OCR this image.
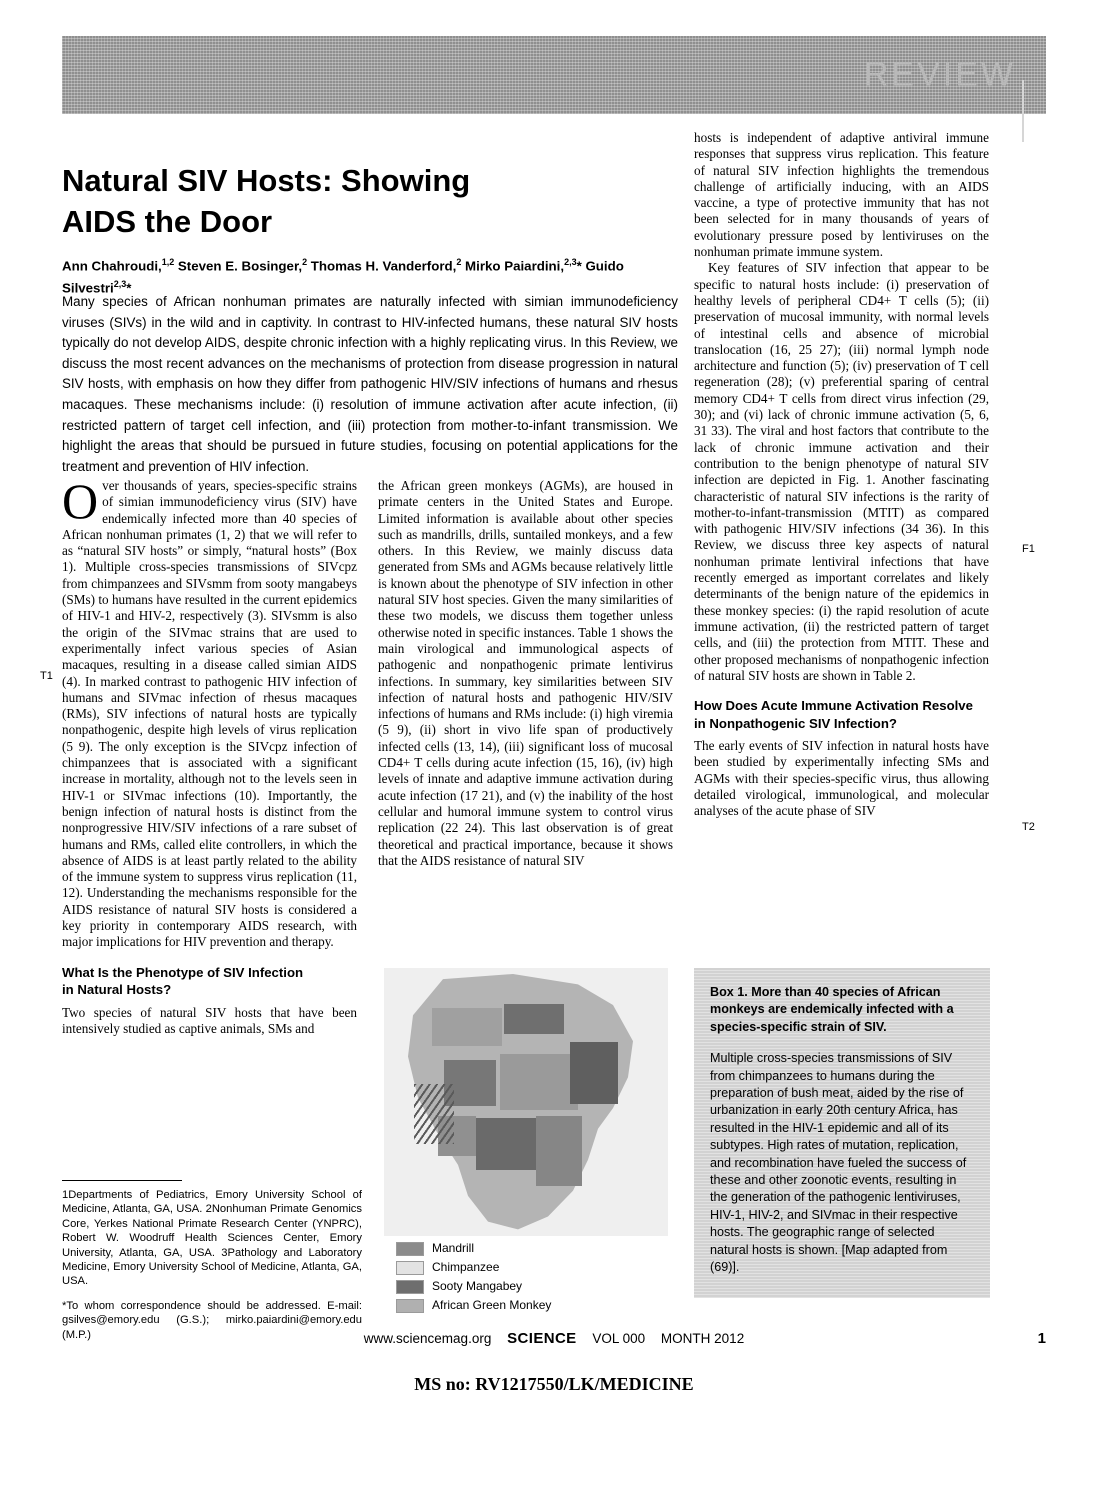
REVIEW
Natural SIV Hosts: Showing
AIDS the Door
Ann Chahroudi,$^{1,2}$ Steven E. Bosinger,$^2$ Thomas H. Vanderford,$^2$ Mirko Paiardini,$^{2,3}$* Guido Silvestri$^{2,3}$*
Many species of African nonhuman primates are naturally infected with simian immunodeficiency viruses (SIVs) in the wild and in captivity. In contrast to HIV-infected humans, these natural SIV hosts typically do not develop AIDS, despite chronic infection with a highly replicating virus. In this Review, we discuss the most recent advances on the mechanisms of protection from disease progression in natural SIV hosts, with emphasis on how they differ from pathogenic HIV/SIV infections of humans and rhesus macaques. These mechanisms include: (i) resolution of immune activation after acute infection, (ii) restricted pattern of target cell infection, and (iii) protection from mother-to-infant transmission. We highlight the areas that should be pursued in future studies, focusing on potential applications for the treatment and prevention of HIV infection.
T1
F1
T2

Over thousands of years, species-specific strains of simian immunodeficiency virus (SIV) have endemically infected more than 40 species of African nonhuman primates (1, 2) that we will refer to as “natural SIV hosts” or simply, “natural hosts” (Box 1). Multiple cross-species transmissions of SIVcpz from chimpanzees and SIVsmm from sooty mangabeys (SMs) to humans have resulted in the current epidemics of HIV-1 and HIV-2, respectively (3). SIVsmm is also the origin of the SIVmac strains that are used to experimentally infect various species of Asian macaques, resulting in a disease called simian AIDS (4). In marked contrast to pathogenic HIV infection of humans and SIVmac infection of rhesus macaques (RMs), SIV infections of natural hosts are typically nonpathogenic, despite high levels of virus replication (5 9). The only exception is the SIVcpz infection of chimpanzees that is associated with a significant increase in mortality, although not to the levels seen in HIV-1 or SIVmac infections (10). Importantly, the benign infection of natural hosts is distinct from the nonprogressive HIV/SIV infections of a rare subset of humans and RMs, called elite controllers, in which the absence of AIDS is at least partly related to the ability of the immune system to suppress virus replication (11, 12). Understanding the mechanisms responsible for the AIDS resistance of natural SIV hosts is considered a key priority in contemporary AIDS research, with major implications for HIV prevention and therapy.

What Is the Phenotype of SIV Infection
in Natural Hosts?

Two species of natural SIV hosts that have been intensively studied as captive animals, SMs and

the African green monkeys (AGMs), are housed in primate centers in the United States and Europe. Limited information is available about other species such as mandrills, drills, suntailed monkeys, and a few others. In this Review, we mainly discuss data generated from SMs and AGMs because relatively little is known about the phenotype of SIV infection in other natural SIV host species. Given the many similarities of these two models, we discuss them together unless otherwise noted in specific instances. Table 1 shows the main virological and immunological aspects of pathogenic and nonpathogenic primate lentivirus infections. In summary, key similarities between SIV infection of natural hosts and pathogenic HIV/SIV infections of humans and RMs include: (i) high viremia (5 9), (ii) short in vivo life span of productively infected cells (13, 14), (iii) significant loss of mucosal CD4+ T cells during acute infection (15, 16), (iv) high levels of innate and adaptive immune activation during acute infection (17 21), and (v) the inability of the host cellular and humoral immune system to control virus replication (22 24). This last observation is of great theoretical and practical importance, because it shows that the AIDS resistance of natural SIV

hosts is independent of adaptive antiviral immune responses that suppress virus replication. This feature of natural SIV infection highlights the tremendous challenge of artificially inducing, with an AIDS vaccine, a type of protective immunity that has not been selected for in many thousands of years of evolutionary pressure posed by lentiviruses on the nonhuman primate immune system.

Key features of SIV infection that appear to be specific to natural hosts include: (i) preservation of healthy levels of peripheral CD4+ T cells (5); (ii) preservation of mucosal immunity, with normal levels of intestinal cells and absence of microbial translocation (16, 25 27); (iii) normal lymph node architecture and function (5); (iv) preservation of T cell regeneration (28); (v) preferential sparing of central memory CD4+ T cells from direct virus infection (29, 30); and (vi) lack of chronic immune activation (5, 6, 31 33). The viral and host factors that contribute to the lack of chronic immune activation and their contribution to the benign phenotype of natural SIV infection are depicted in Fig. 1. Another fascinating characteristic of natural SIV infections is the rarity of mother-to-infant-transmission (MTIT) as compared with pathogenic HIV/SIV infections (34 36). In this Review, we discuss three key aspects of natural nonhuman primate lentiviral infections that have recently emerged as important correlates and likely determinants of the benign nature of the epidemics in these monkey species: (i) the rapid resolution of acute immune activation, (ii) the restricted pattern of target cells, and (iii) the protection from MTIT. These and other proposed mechanisms of nonpathogenic infection of natural SIV hosts are shown in Table 2.

How Does Acute Immune Activation Resolve
in Nonpathogenic SIV Infection?

The early events of SIV infection in natural hosts have been studied by experimentally infecting SMs and AGMs with their species-specific virus, thus allowing detailed virological, immunological, and molecular analyses of the acute phase of SIV

1Departments of Pediatrics, Emory University School of Medicine, Atlanta, GA, USA. 2Nonhuman Primate Genomics Core, Yerkes National Primate Research Center (YNPRC), Robert W. Woodruff Health Sciences Center, Emory University, Atlanta, GA, USA. 3Pathology and Laboratory Medicine, Emory University School of Medicine, Atlanta, GA, USA.
*To whom correspondence should be addressed. E-mail: gsilves@emory.edu (G.S.); mirko.paiardini@emory.edu (M.P.)
Mandrill
Chimpanzee
Sooty Mangabey
African Green Monkey
Box 1. More than 40 species of African monkeys are endemically infected with a species-specific strain of SIV.
Multiple cross-species transmissions of SIV from chimpanzees to humans during the preparation of bush meat, aided by the rise of urbanization in early 20th century Africa, has resulted in the HIV-1 epidemic and all of its subtypes. High rates of mutation, replication, and recombination have fueled the success of these and other zoonotic events, resulting in the generation of the pathogenic lentiviruses, HIV-1, HIV-2, and SIVmac in their respective hosts. The geographic range of selected natural hosts is shown. [Map adapted from (69)].
www.sciencemag.org SCIENCE VOL 000 MONTH 2012	1
MS no: RV1217550/LK/MEDICINE
